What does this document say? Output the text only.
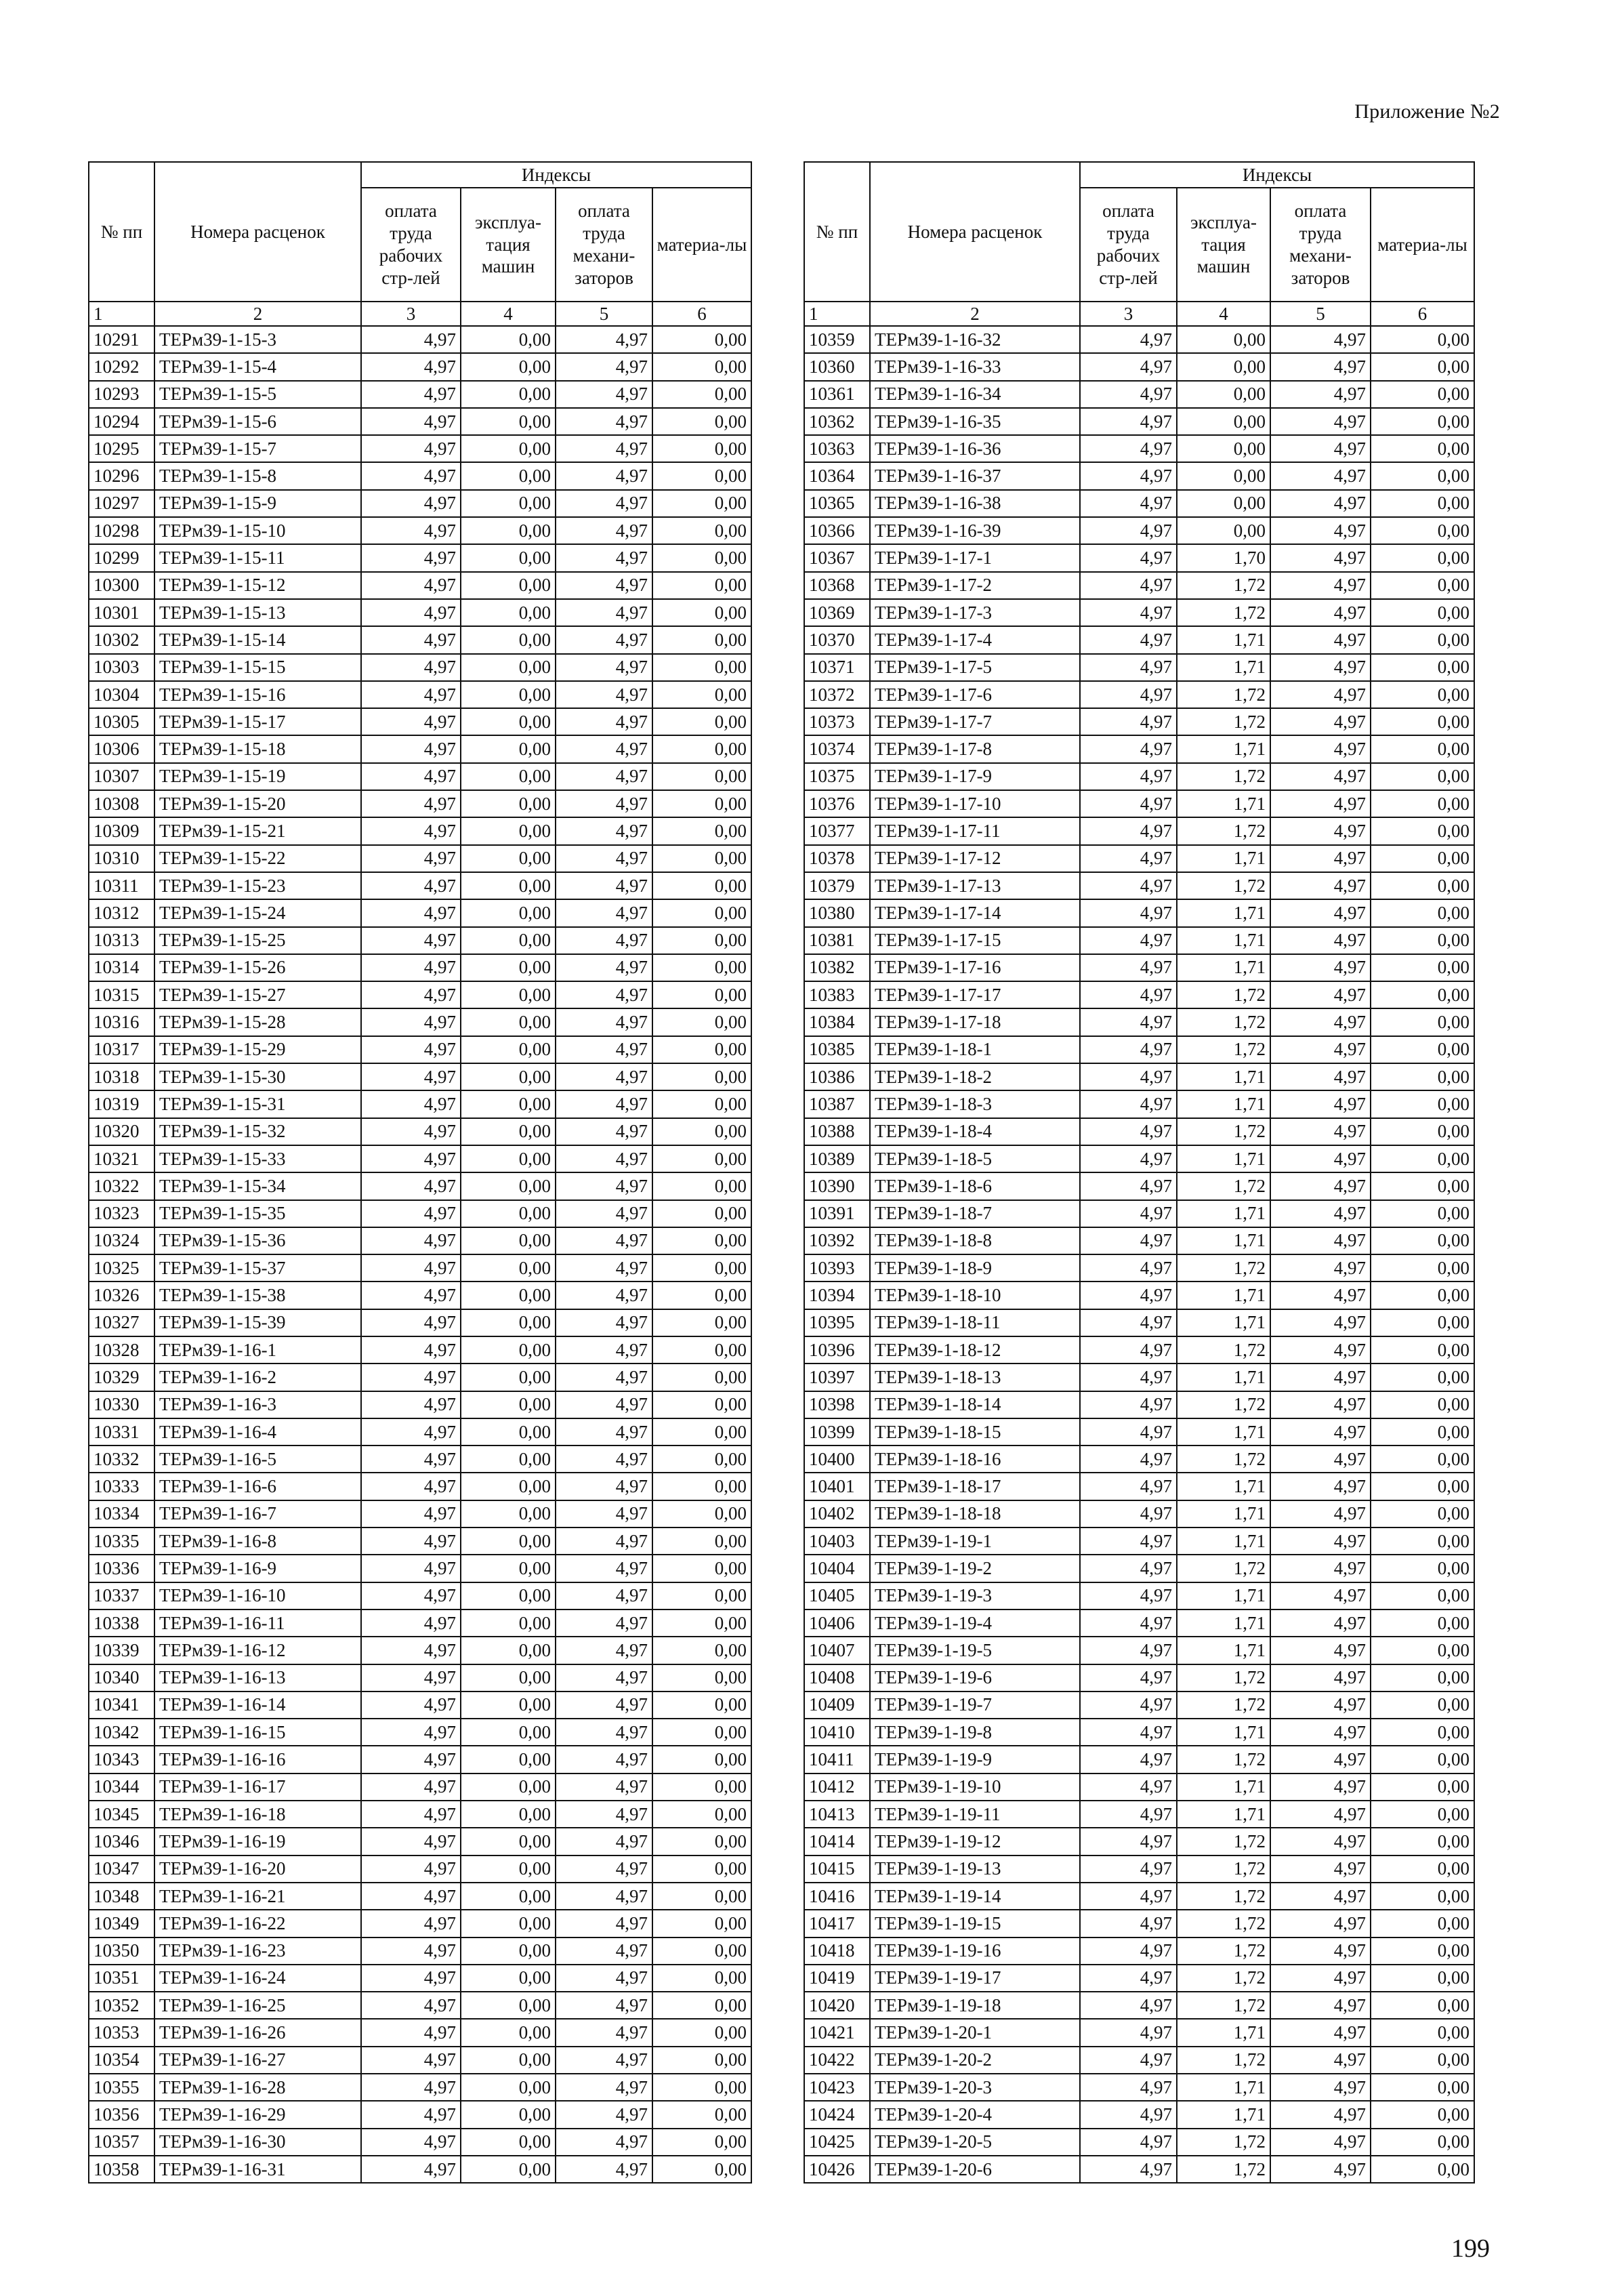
Приложение №2
№ пп	Номера расценок	Индексы			
		оплата труда рабочих стр-лей	эксплуа-тация машин	оплата труда механи-заторов	материа-лы
1	2	3	4	5	6
10291	ТЕРм39-1-15-3	4,97	0,00	4,97	0,00
10292	ТЕРм39-1-15-4	4,97	0,00	4,97	0,00
10293	ТЕРм39-1-15-5	4,97	0,00	4,97	0,00
10294	ТЕРм39-1-15-6	4,97	0,00	4,97	0,00
10295	ТЕРм39-1-15-7	4,97	0,00	4,97	0,00
10296	ТЕРм39-1-15-8	4,97	0,00	4,97	0,00
10297	ТЕРм39-1-15-9	4,97	0,00	4,97	0,00
10298	ТЕРм39-1-15-10	4,97	0,00	4,97	0,00
10299	ТЕРм39-1-15-11	4,97	0,00	4,97	0,00
10300	ТЕРм39-1-15-12	4,97	0,00	4,97	0,00
10301	ТЕРм39-1-15-13	4,97	0,00	4,97	0,00
10302	ТЕРм39-1-15-14	4,97	0,00	4,97	0,00
10303	ТЕРм39-1-15-15	4,97	0,00	4,97	0,00
10304	ТЕРм39-1-15-16	4,97	0,00	4,97	0,00
10305	ТЕРм39-1-15-17	4,97	0,00	4,97	0,00
10306	ТЕРм39-1-15-18	4,97	0,00	4,97	0,00
10307	ТЕРм39-1-15-19	4,97	0,00	4,97	0,00
10308	ТЕРм39-1-15-20	4,97	0,00	4,97	0,00
10309	ТЕРм39-1-15-21	4,97	0,00	4,97	0,00
10310	ТЕРм39-1-15-22	4,97	0,00	4,97	0,00
10311	ТЕРм39-1-15-23	4,97	0,00	4,97	0,00
10312	ТЕРм39-1-15-24	4,97	0,00	4,97	0,00
10313	ТЕРм39-1-15-25	4,97	0,00	4,97	0,00
10314	ТЕРм39-1-15-26	4,97	0,00	4,97	0,00
10315	ТЕРм39-1-15-27	4,97	0,00	4,97	0,00
10316	ТЕРм39-1-15-28	4,97	0,00	4,97	0,00
10317	ТЕРм39-1-15-29	4,97	0,00	4,97	0,00
10318	ТЕРм39-1-15-30	4,97	0,00	4,97	0,00
10319	ТЕРм39-1-15-31	4,97	0,00	4,97	0,00
10320	ТЕРм39-1-15-32	4,97	0,00	4,97	0,00
10321	ТЕРм39-1-15-33	4,97	0,00	4,97	0,00
10322	ТЕРм39-1-15-34	4,97	0,00	4,97	0,00
10323	ТЕРм39-1-15-35	4,97	0,00	4,97	0,00
10324	ТЕРм39-1-15-36	4,97	0,00	4,97	0,00
10325	ТЕРм39-1-15-37	4,97	0,00	4,97	0,00
10326	ТЕРм39-1-15-38	4,97	0,00	4,97	0,00
10327	ТЕРм39-1-15-39	4,97	0,00	4,97	0,00
10328	ТЕРм39-1-16-1	4,97	0,00	4,97	0,00
10329	ТЕРм39-1-16-2	4,97	0,00	4,97	0,00
10330	ТЕРм39-1-16-3	4,97	0,00	4,97	0,00
10331	ТЕРм39-1-16-4	4,97	0,00	4,97	0,00
10332	ТЕРм39-1-16-5	4,97	0,00	4,97	0,00
10333	ТЕРм39-1-16-6	4,97	0,00	4,97	0,00
10334	ТЕРм39-1-16-7	4,97	0,00	4,97	0,00
10335	ТЕРм39-1-16-8	4,97	0,00	4,97	0,00
10336	ТЕРм39-1-16-9	4,97	0,00	4,97	0,00
10337	ТЕРм39-1-16-10	4,97	0,00	4,97	0,00
10338	ТЕРм39-1-16-11	4,97	0,00	4,97	0,00
10339	ТЕРм39-1-16-12	4,97	0,00	4,97	0,00
10340	ТЕРм39-1-16-13	4,97	0,00	4,97	0,00
10341	ТЕРм39-1-16-14	4,97	0,00	4,97	0,00
10342	ТЕРм39-1-16-15	4,97	0,00	4,97	0,00
10343	ТЕРм39-1-16-16	4,97	0,00	4,97	0,00
10344	ТЕРм39-1-16-17	4,97	0,00	4,97	0,00
10345	ТЕРм39-1-16-18	4,97	0,00	4,97	0,00
10346	ТЕРм39-1-16-19	4,97	0,00	4,97	0,00
10347	ТЕРм39-1-16-20	4,97	0,00	4,97	0,00
10348	ТЕРм39-1-16-21	4,97	0,00	4,97	0,00
10349	ТЕРм39-1-16-22	4,97	0,00	4,97	0,00
10350	ТЕРм39-1-16-23	4,97	0,00	4,97	0,00
10351	ТЕРм39-1-16-24	4,97	0,00	4,97	0,00
10352	ТЕРм39-1-16-25	4,97	0,00	4,97	0,00
10353	ТЕРм39-1-16-26	4,97	0,00	4,97	0,00
10354	ТЕРм39-1-16-27	4,97	0,00	4,97	0,00
10355	ТЕРм39-1-16-28	4,97	0,00	4,97	0,00
10356	ТЕРм39-1-16-29	4,97	0,00	4,97	0,00
10357	ТЕРм39-1-16-30	4,97	0,00	4,97	0,00
10358	ТЕРм39-1-16-31	4,97	0,00	4,97	0,00
№ пп	Номера расценок	Индексы			
		оплата труда рабочих стр-лей	эксплуа-тация машин	оплата труда механи-заторов	материа-лы
1	2	3	4	5	6
10359	ТЕРм39-1-16-32	4,97	0,00	4,97	0,00
10360	ТЕРм39-1-16-33	4,97	0,00	4,97	0,00
10361	ТЕРм39-1-16-34	4,97	0,00	4,97	0,00
10362	ТЕРм39-1-16-35	4,97	0,00	4,97	0,00
10363	ТЕРм39-1-16-36	4,97	0,00	4,97	0,00
10364	ТЕРм39-1-16-37	4,97	0,00	4,97	0,00
10365	ТЕРм39-1-16-38	4,97	0,00	4,97	0,00
10366	ТЕРм39-1-16-39	4,97	0,00	4,97	0,00
10367	ТЕРм39-1-17-1	4,97	1,70	4,97	0,00
10368	ТЕРм39-1-17-2	4,97	1,72	4,97	0,00
10369	ТЕРм39-1-17-3	4,97	1,72	4,97	0,00
10370	ТЕРм39-1-17-4	4,97	1,71	4,97	0,00
10371	ТЕРм39-1-17-5	4,97	1,71	4,97	0,00
10372	ТЕРм39-1-17-6	4,97	1,72	4,97	0,00
10373	ТЕРм39-1-17-7	4,97	1,72	4,97	0,00
10374	ТЕРм39-1-17-8	4,97	1,71	4,97	0,00
10375	ТЕРм39-1-17-9	4,97	1,72	4,97	0,00
10376	ТЕРм39-1-17-10	4,97	1,71	4,97	0,00
10377	ТЕРм39-1-17-11	4,97	1,72	4,97	0,00
10378	ТЕРм39-1-17-12	4,97	1,71	4,97	0,00
10379	ТЕРм39-1-17-13	4,97	1,72	4,97	0,00
10380	ТЕРм39-1-17-14	4,97	1,71	4,97	0,00
10381	ТЕРм39-1-17-15	4,97	1,71	4,97	0,00
10382	ТЕРм39-1-17-16	4,97	1,71	4,97	0,00
10383	ТЕРм39-1-17-17	4,97	1,72	4,97	0,00
10384	ТЕРм39-1-17-18	4,97	1,72	4,97	0,00
10385	ТЕРм39-1-18-1	4,97	1,72	4,97	0,00
10386	ТЕРм39-1-18-2	4,97	1,71	4,97	0,00
10387	ТЕРм39-1-18-3	4,97	1,71	4,97	0,00
10388	ТЕРм39-1-18-4	4,97	1,72	4,97	0,00
10389	ТЕРм39-1-18-5	4,97	1,71	4,97	0,00
10390	ТЕРм39-1-18-6	4,97	1,72	4,97	0,00
10391	ТЕРм39-1-18-7	4,97	1,71	4,97	0,00
10392	ТЕРм39-1-18-8	4,97	1,71	4,97	0,00
10393	ТЕРм39-1-18-9	4,97	1,72	4,97	0,00
10394	ТЕРм39-1-18-10	4,97	1,71	4,97	0,00
10395	ТЕРм39-1-18-11	4,97	1,71	4,97	0,00
10396	ТЕРм39-1-18-12	4,97	1,72	4,97	0,00
10397	ТЕРм39-1-18-13	4,97	1,71	4,97	0,00
10398	ТЕРм39-1-18-14	4,97	1,72	4,97	0,00
10399	ТЕРм39-1-18-15	4,97	1,71	4,97	0,00
10400	ТЕРм39-1-18-16	4,97	1,72	4,97	0,00
10401	ТЕРм39-1-18-17	4,97	1,71	4,97	0,00
10402	ТЕРм39-1-18-18	4,97	1,71	4,97	0,00
10403	ТЕРм39-1-19-1	4,97	1,71	4,97	0,00
10404	ТЕРм39-1-19-2	4,97	1,72	4,97	0,00
10405	ТЕРм39-1-19-3	4,97	1,71	4,97	0,00
10406	ТЕРм39-1-19-4	4,97	1,71	4,97	0,00
10407	ТЕРм39-1-19-5	4,97	1,71	4,97	0,00
10408	ТЕРм39-1-19-6	4,97	1,72	4,97	0,00
10409	ТЕРм39-1-19-7	4,97	1,72	4,97	0,00
10410	ТЕРм39-1-19-8	4,97	1,71	4,97	0,00
10411	ТЕРм39-1-19-9	4,97	1,72	4,97	0,00
10412	ТЕРм39-1-19-10	4,97	1,71	4,97	0,00
10413	ТЕРм39-1-19-11	4,97	1,71	4,97	0,00
10414	ТЕРм39-1-19-12	4,97	1,72	4,97	0,00
10415	ТЕРм39-1-19-13	4,97	1,72	4,97	0,00
10416	ТЕРм39-1-19-14	4,97	1,72	4,97	0,00
10417	ТЕРм39-1-19-15	4,97	1,72	4,97	0,00
10418	ТЕРм39-1-19-16	4,97	1,72	4,97	0,00
10419	ТЕРм39-1-19-17	4,97	1,72	4,97	0,00
10420	ТЕРм39-1-19-18	4,97	1,72	4,97	0,00
10421	ТЕРм39-1-20-1	4,97	1,71	4,97	0,00
10422	ТЕРм39-1-20-2	4,97	1,72	4,97	0,00
10423	ТЕРм39-1-20-3	4,97	1,71	4,97	0,00
10424	ТЕРм39-1-20-4	4,97	1,71	4,97	0,00
10425	ТЕРм39-1-20-5	4,97	1,72	4,97	0,00
10426	ТЕРм39-1-20-6	4,97	1,72	4,97	0,00
199
